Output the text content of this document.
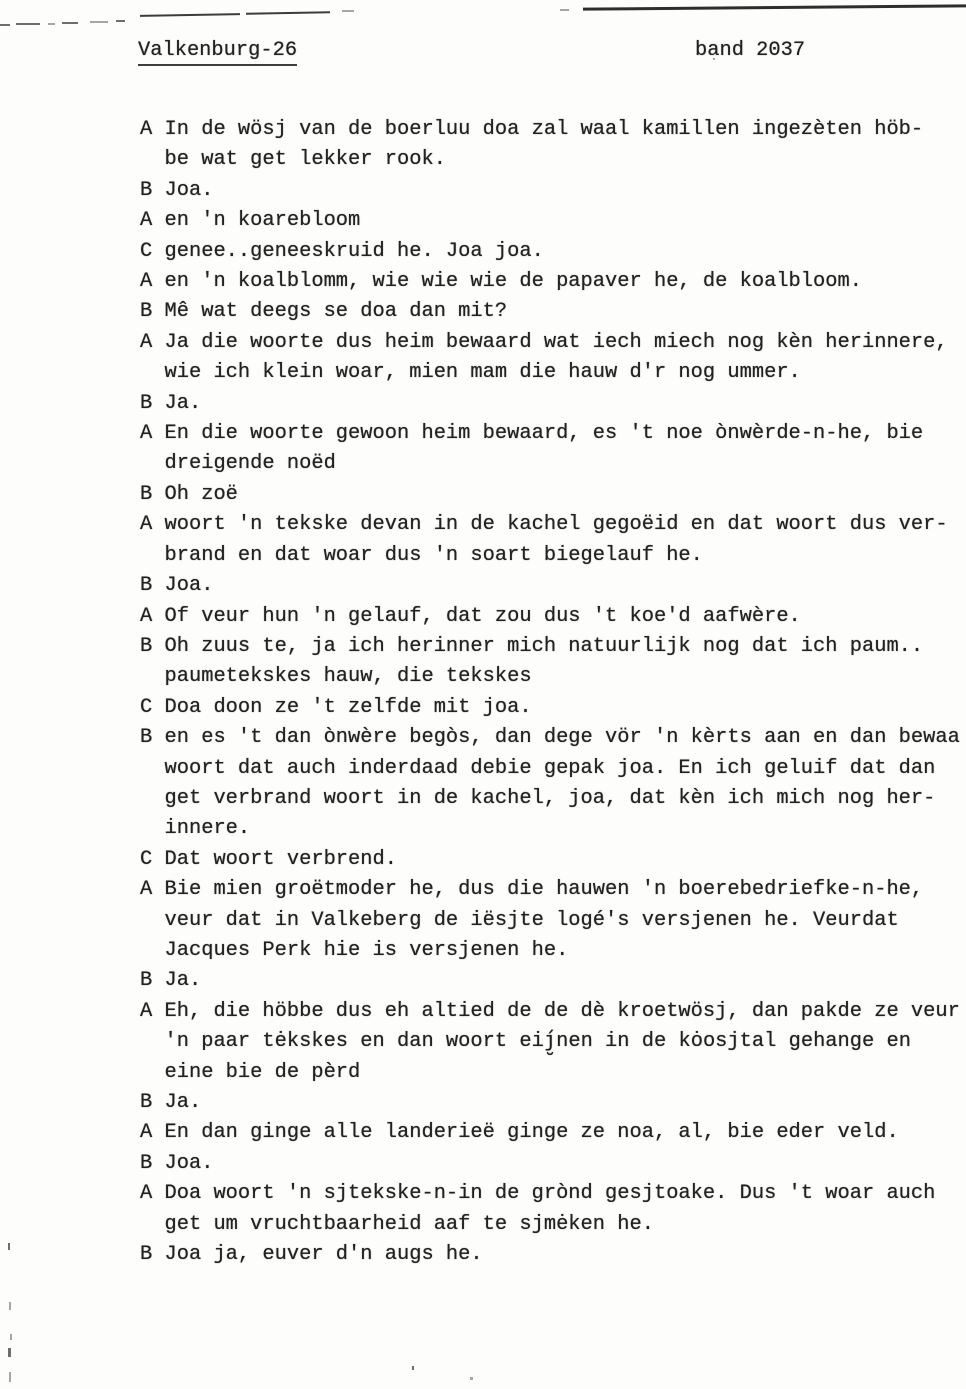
Valkenburg-26	band 2037
A In de wösj van de boerluu doa zal waal kamillen ingezèten höb-
be wat get lekker rook.
B Joa.
A en 'n koarebloom
C genee..geneeskruid he. Joa joa.
A en 'n koalblomm, wie wie wie de papaver he, de koalbloom.
B Mê wat deegs se doa dan mit?
A Ja die woorte dus heim bewaard wat iech miech nog kèn herinnere,
wie ich klein woar, mien mam die hauw d'r nog ummer.
B Ja.
A En die woorte gewoon heim bewaard, es 't noe ònwèrde-n-he, bie
dreigende noëd
B Oh zoë
A woort 'n tekske devan in de kachel gegoëid en dat woort dus ver-
brand en dat woar dus 'n soart biegelauf he.
B Joa.
A Of veur hun 'n gelauf, dat zou dus 't koe'd aafwère.
B Oh zuus te, ja ich herinner mich natuurlijk nog dat ich paum..
paumetekskes hauw, die tekskes
C Doa doon ze 't zelfde mit joa.
B en es 't dan ònwère begòs, dan dege vör 'n kèrts aan en dan bewaa
woort dat auch inderdaad debie gepak joa. En ich geluif dat dan
get verbrand woort in de kachel, joa, dat kèn ich mich nog her-
innere.
C Dat woort verbrend.
A Bie mien groëtmoder he, dus die hauwen 'n boerebedriefke-n-he,
veur dat in Valkeberg de iësjte logé's versjenen he. Veurdat
Jacques Perk hie is versjenen he.
B Ja.
A Eh, die höbbe dus eh altied de de dè kroetwösj, dan pakde ze veur
'n paar tėkskes en dan woort eiȷ̮́nen in de kȯosjtal gehange en
eine bie de pèrd
B Ja.
A En dan ginge alle landerieë ginge ze noa, al, bie eder veld.
B Joa.
A Doa woort 'n sjtekske-n-in de grònd gesjtoake. Dus 't woar auch
get um vruchtbaarheid aaf te sjmėken he.
B Joa ja, euver d'n augs he.
